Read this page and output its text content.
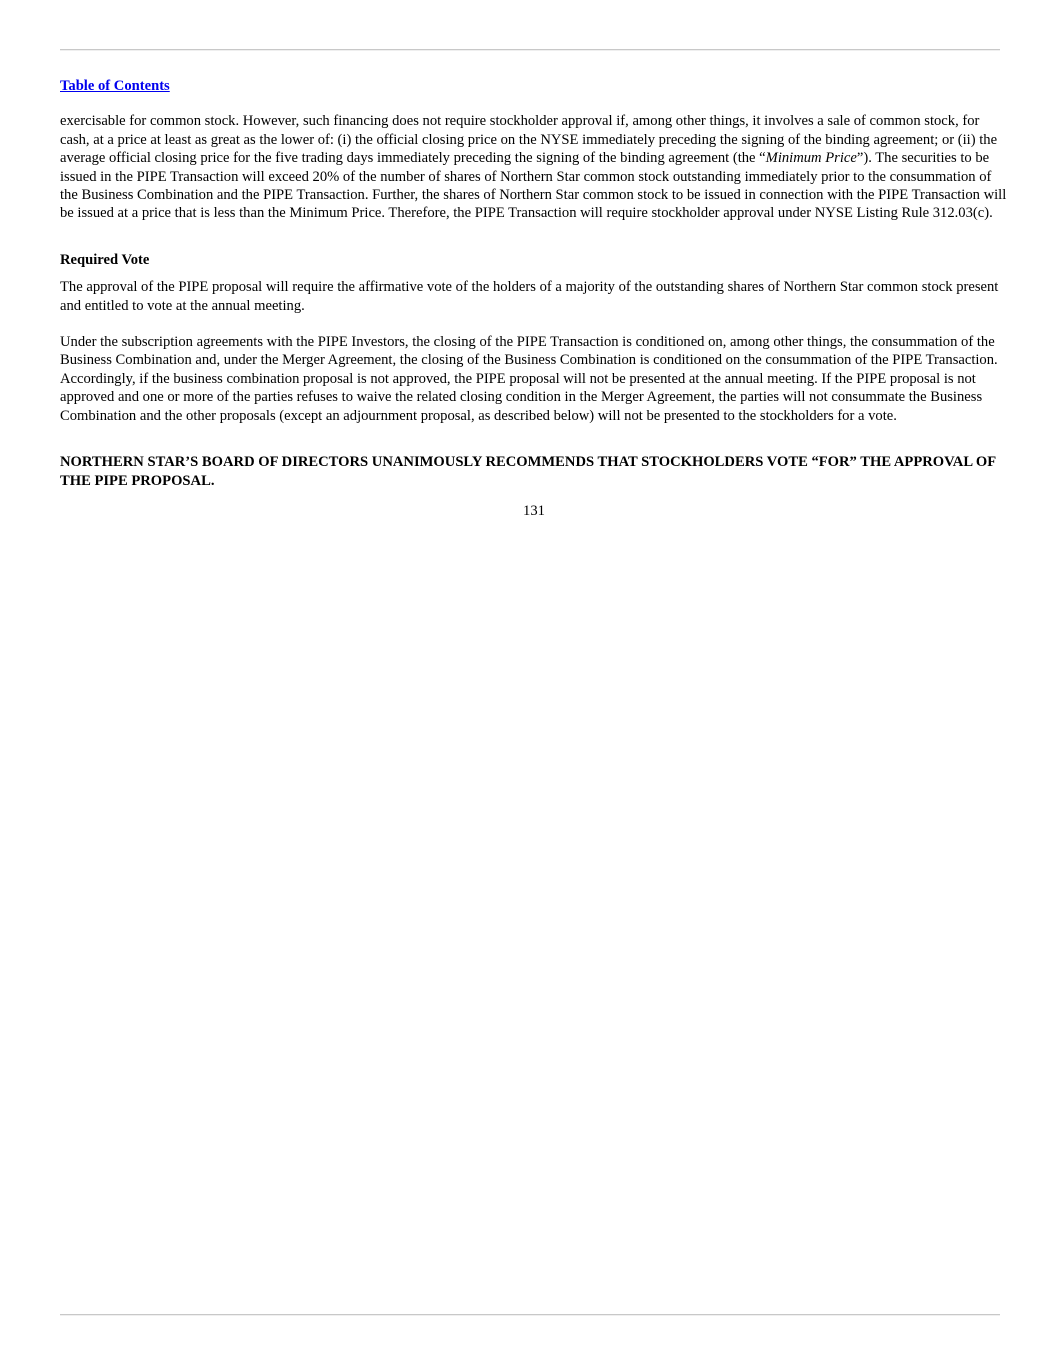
Table of Contents

exercisable for common stock. However, such financing does not require stockholder approval if, among other things, it involves a sale of common stock, for cash, at a price at least as great as the lower of: (i) the official closing price on the NYSE immediately preceding the signing of the binding agreement; or (ii) the average official closing price for the five trading days immediately preceding the signing of the binding agreement (the “Minimum Price”). The securities to be issued in the PIPE Transaction will exceed 20% of the number of shares of Northern Star common stock outstanding immediately prior to the consummation of the Business Combination and the PIPE Transaction. Further, the shares of Northern Star common stock to be issued in connection with the PIPE Transaction will be issued at a price that is less than the Minimum Price. Therefore, the PIPE Transaction will require stockholder approval under NYSE Listing Rule 312.03(c).

Required Vote

The approval of the PIPE proposal will require the affirmative vote of the holders of a majority of the outstanding shares of Northern Star common stock present and entitled to vote at the annual meeting.

Under the subscription agreements with the PIPE Investors, the closing of the PIPE Transaction is conditioned on, among other things, the consummation of the Business Combination and, under the Merger Agreement, the closing of the Business Combination is conditioned on the consummation of the PIPE Transaction. Accordingly, if the business combination proposal is not approved, the PIPE proposal will not be presented at the annual meeting. If the PIPE proposal is not approved and one or more of the parties refuses to waive the related closing condition in the Merger Agreement, the parties will not consummate the Business Combination and the other proposals (except an adjournment proposal, as described below) will not be presented to the stockholders for a vote.

NORTHERN STAR’S BOARD OF DIRECTORS UNANIMOUSLY RECOMMENDS THAT STOCKHOLDERS VOTE “FOR” THE APPROVAL OF THE PIPE PROPOSAL.

131
